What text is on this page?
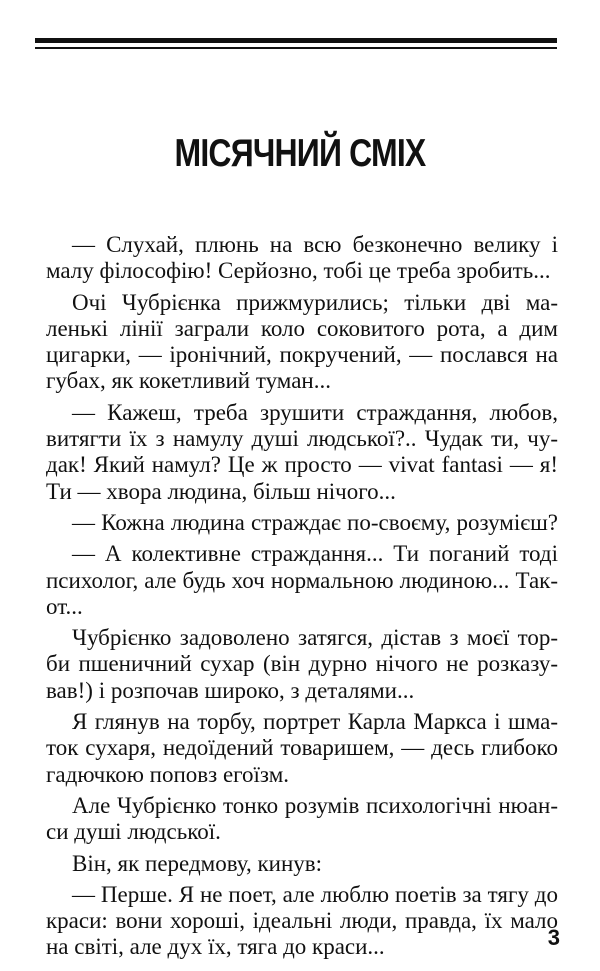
МІСЯЧНИЙ СМІХ
— Слухай, плюнь на всю безконечно велику і
малу філософію! Серйозно, тобі це треба зробить...
Очі Чубрієнка прижмурились; тільки дві ма-
ленькі лінії заграли коло соковитого рота, а дим
цигарки, — іронічний, покручений, — послався на
губах, як кокетливий туман...
— Кажеш, треба зрушити страждання, любов,
витягти їх з намулу душі людської?.. Чудак ти, чу-
дак! Який намул? Це ж просто — vivat fantasi — я!
Ти — хвора людина, більш нічого...
— Кожна людина страждає по-своєму, розумієш?
— А колективне страждання... Ти поганий тоді
психолог, але будь хоч нормальною людиною... Так-
от...
Чубрієнко задоволено затягся, дістав з моєї тор-
би пшеничний сухар (він дурно нічого не розказу-
вав!) і розпочав широко, з деталями...
Я глянув на торбу, портрет Карла Маркса і шма-
ток сухаря, недоїдений товаришем, — десь глибоко
гадючкою поповз егоїзм.
Але Чубрієнко тонко розумів психологічні нюан-
си душі людської.
Він, як передмову, кинув:
— Перше. Я не поет, але люблю поетів за тягу до
краси: вони хороші, ідеальні люди, правда, їх мало
на світі, але дух їх, тяга до краси...	3
